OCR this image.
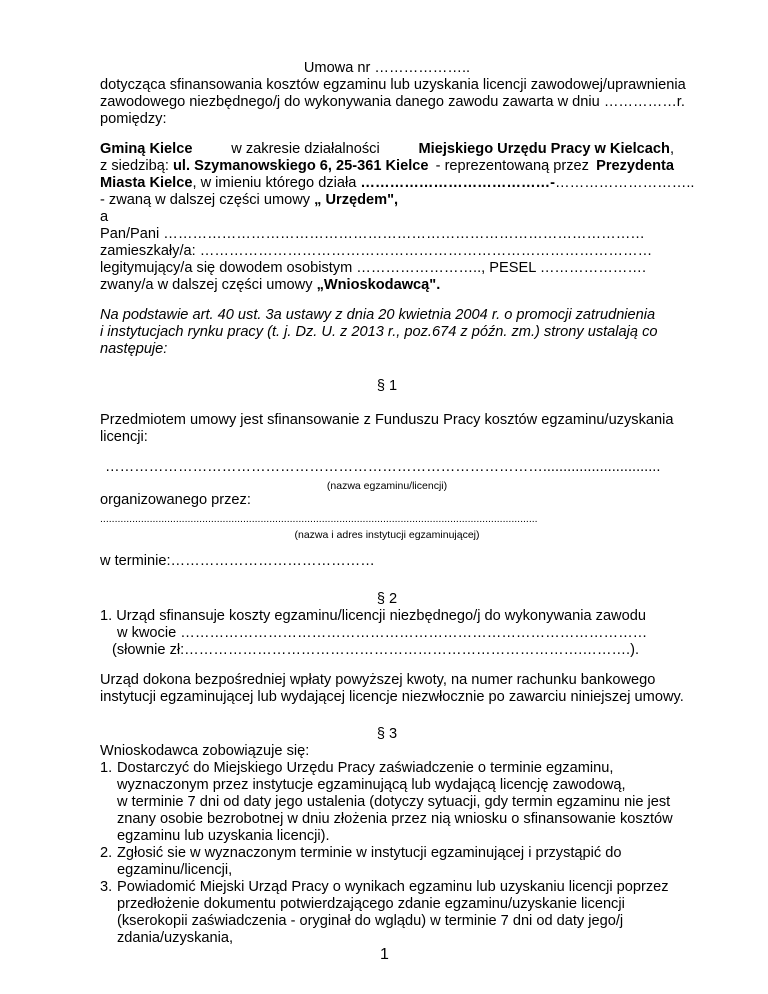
Umowa nr ………………..
dotycząca sfinansowania kosztów egzaminu lub uzyskania licencji zawodowej/uprawnienia
zawodowego niezbędnego/j do wykonywania danego zawodu zawarta w dniu ……………r.
pomiędzy:
Gminą Kielce	w zakresie działalności	Miejskiego Urzędu Pracy w Kielcach,
z siedzibą: ul. Szymanowskiego 6, 25-361 Kielce - reprezentowaną przez Prezydenta
Miasta Kielce, w imieniu którego działa …………………………………-………………………..
- zwaną w dalszej części umowy „ Urzędem",
a
Pan/Pani ………………………………………………………………………………………
zamieszkały/a: …………………………………………………………………………………
legitymujący/a się dowodem osobistym …………………….., PESEL ………………….
zwany/a w dalszej części umowy „Wnioskodawcą".
Na podstawie art. 40 ust. 3a ustawy z dnia 20 kwietnia 2004 r. o promocji zatrudnienia
i instytucjach rynku pracy (t. j. Dz. U. z 2013 r., poz.674 z późn. zm.) strony ustalają co
następuje:
§ 1
Przedmiotem umowy jest sfinansowanie z Funduszu Pracy kosztów egzaminu/uzyskania
licencji:
……………………………………………………………………………….............................
(nazwa egzaminu/licencji)
organizowanego przez:
......................................................................................................................................................
(nazwa i adres instytucji egzaminującej)
w terminie:……………………………………
§ 2
1. Urząd sfinansuje koszty egzaminu/licencji niezbędnego/j do wykonywania zawodu
w kwocie ……………………………………………………………………………………
(słownie zł:……………………………………………………………………….……….).
Urząd dokona bezpośredniej wpłaty powyższej kwoty, na numer rachunku bankowego
instytucji egzaminującej lub wydającej licencje niezwłocznie po zawarciu niniejszej umowy.
§ 3
Wnioskodawca zobowiązuje się:
1. Dostarczyć do Miejskiego Urzędu Pracy zaświadczenie o terminie egzaminu,
wyznaczonym przez instytucje egzaminującą lub wydającą licencję zawodową,
w terminie 7 dni od daty jego ustalenia (dotyczy sytuacji, gdy termin egzaminu nie jest
znany osobie bezrobotnej w dniu złożenia przez nią wniosku o sfinansowanie kosztów
egzaminu lub uzyskania licencji).
2. Zgłosić sie w wyznaczonym terminie w instytucji egzaminującej i przystąpić do
egzaminu/licencji,
3. Powiadomić Miejski Urząd Pracy o wynikach egzaminu lub uzyskaniu licencji poprzez
przedłożenie dokumentu potwierdzającego zdanie egzaminu/uzyskanie licencji
(kserokopii zaświadczenia - oryginał do wglądu) w terminie 7 dni od daty jego/j
zdania/uzyskania,
1
